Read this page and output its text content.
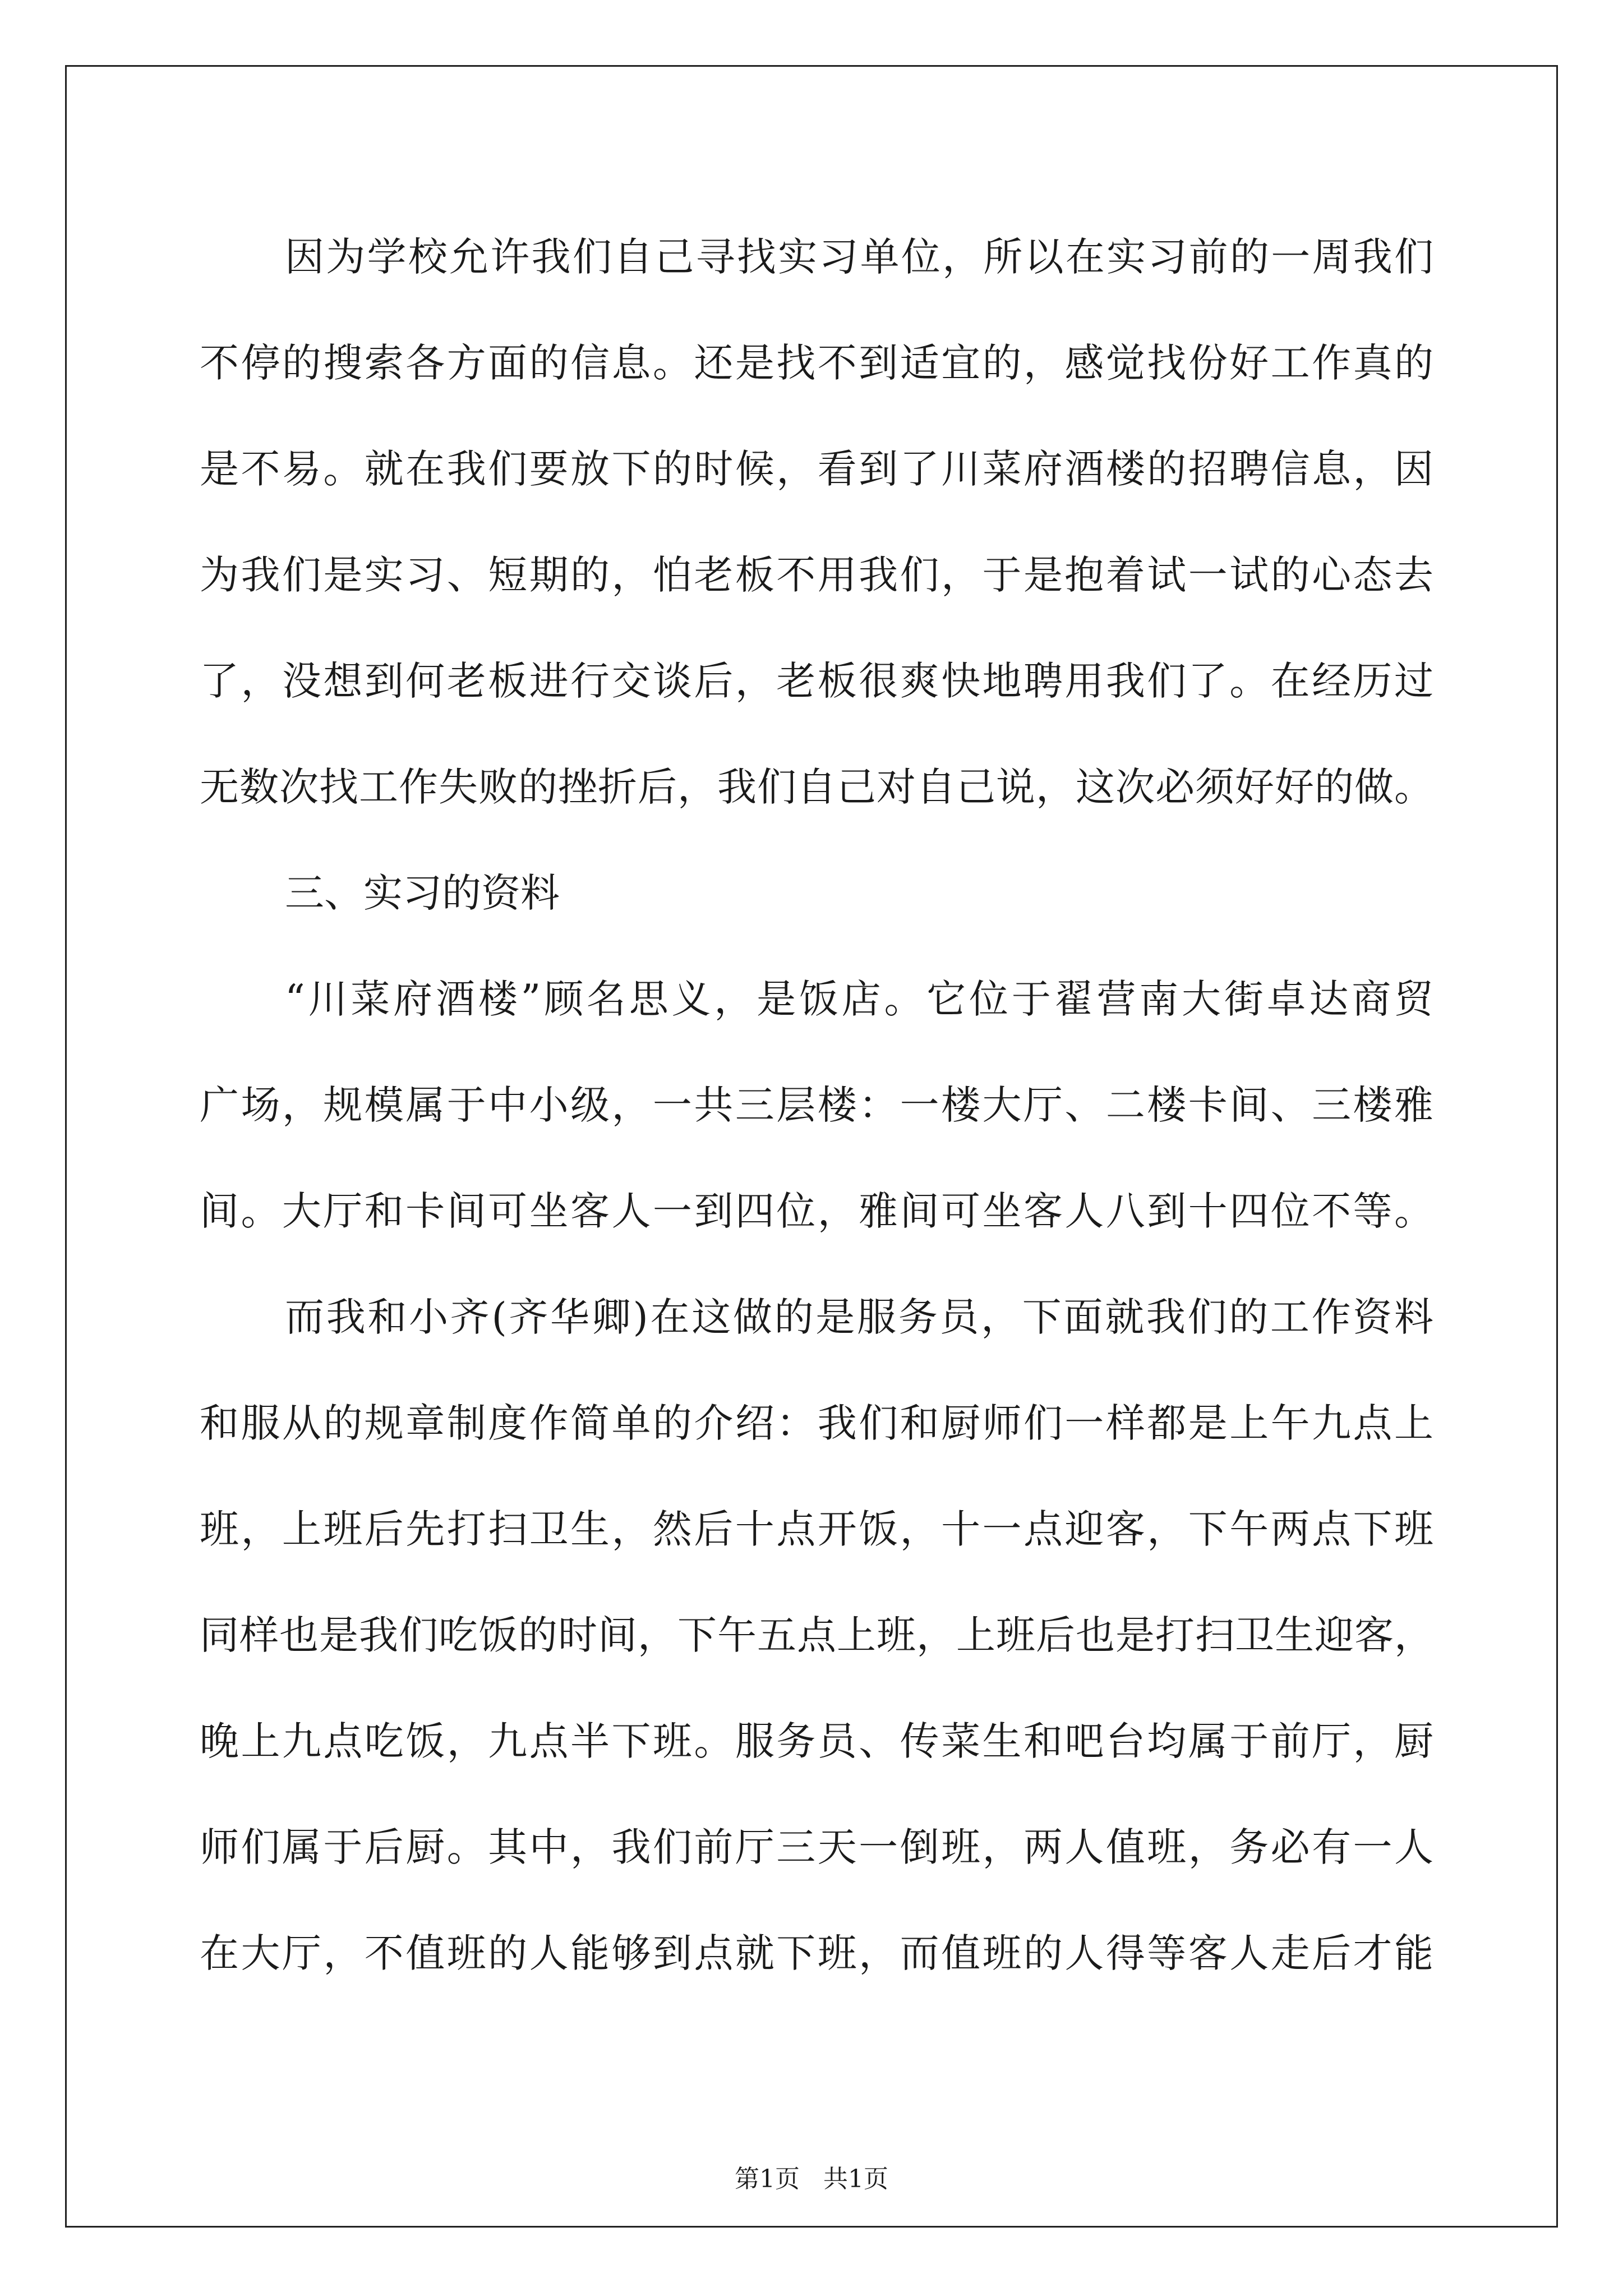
因为学校允许我们自己寻找实习单位，所以在实习前的一周我们
不停的搜索各方面的信息。还是找不到适宜的，感觉找份好工作真的
是不易。就在我们要放下的时候，看到了川菜府酒楼的招聘信息，因
为我们是实习、短期的，怕老板不用我们，于是抱着试一试的心态去
了，没想到何老板进行交谈后，老板很爽快地聘用我们了。在经历过
无数次找工作失败的挫折后，我们自己对自己说，这次必须好好的做。
三、实习的资料
“川菜府酒楼”顾名思义，是饭店。它位于翟营南大街卓达商贸
广场，规模属于中小级，一共三层楼：一楼大厅、二楼卡间、三楼雅
间。大厅和卡间可坐客人一到四位，雅间可坐客人八到十四位不等。
而我和小齐(齐华卿)在这做的是服务员，下面就我们的工作资料
和服从的规章制度作简单的介绍：我们和厨师们一样都是上午九点上
班，上班后先打扫卫生，然后十点开饭，十一点迎客，下午两点下班
同样也是我们吃饭的时间，下午五点上班，上班后也是打扫卫生迎客，
晚上九点吃饭，九点半下班。服务员、传菜生和吧台均属于前厅，厨
师们属于后厨。其中，我们前厅三天一倒班，两人值班，务必有一人
在大厅，不值班的人能够到点就下班，而值班的人得等客人走后才能
第1页   共1页
